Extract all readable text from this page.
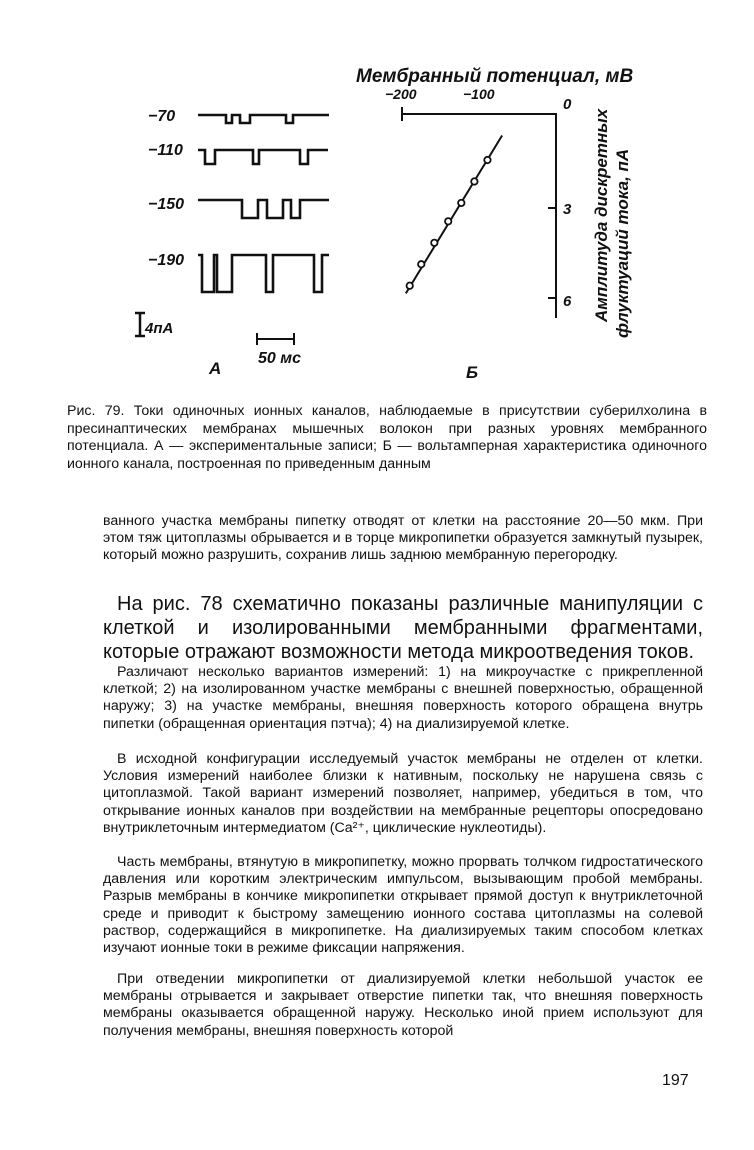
−70
−110
−150
−190
4пА
50 мс
А
Мембранный потенциал, мВ
−200	−100
0
3
6 Амплитуда дискретных флуктуаций тока, пА
Б

Рис. 79. Токи одиночных ионных каналов, наблюдаемые в присутствии суберилхолина в пресинаптических мембранах мышечных волокон при разных уровнях мембранного потенциала. А — экспериментальные записи; Б — вольтамперная характеристика одиночного ионного канала, построенная по приведенным данным

ванного участка мембраны пипетку отводят от клетки на расстояние 20—50 мкм. При этом тяж цитоплазмы обрывается и в торце микропипетки образуется замкнутый пузырек, который можно разрушить, сохранив лишь заднюю мембранную перегородку.

На рис. 78 схематично показаны различные манипуляции с клеткой и изолированными мембранными фрагментами, которые отражают возможности метода микроотведения токов.

Различают несколько вариантов измерений: 1) на микроучастке с прикрепленной клеткой; 2) на изолированном участке мембраны с внешней поверхностью, обращенной наружу; 3) на участке мембраны, внешняя поверхность которого обращена внутрь пипетки (обращенная ориентация пэтча); 4) на диализируемой клетке.

В исходной конфигурации исследуемый участок мембраны не отделен от клетки. Условия измерений наиболее близки к нативным, поскольку не нарушена связь с цитоплазмой. Такой вариант измерений позволяет, например, убедиться в том, что открывание ионных каналов при воздействии на мембранные рецепторы опосредовано внутриклеточным интермедиатом (Ca²⁺, циклические нуклеотиды).

Часть мембраны, втянутую в микропипетку, можно прорвать толчком гидростатического давления или коротким электрическим импульсом, вызывающим пробой мембраны. Разрыв мембраны в кончике микропипетки открывает прямой доступ к внутриклеточной среде и приводит к быстрому замещению ионного состава цитоплазмы на солевой раствор, содержащийся в микропипетке. На диализируемых таким способом клетках изучают ионные токи в режиме фиксации напряжения.

При отведении микропипетки от диализируемой клетки небольшой участок ее мембраны отрывается и закрывает отверстие пипетки так, что внешняя поверхность мембраны оказывается обращенной наружу. Несколько иной прием используют для получения мембраны, внешняя поверхность которой

197
